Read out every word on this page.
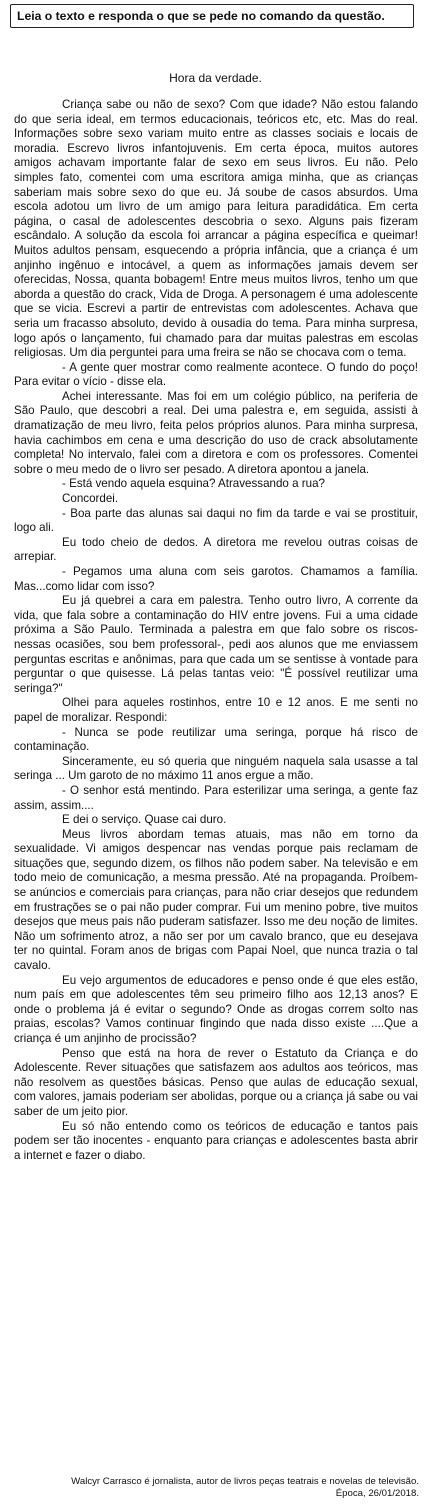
Leia o texto e responda o que se pede no comando da questão.
Hora da verdade.

Criança sabe ou não de sexo? Com que idade? Não estou falando do que seria ideal, em termos educacionais, teóricos etc, etc. Mas do real. Informações sobre sexo variam muito entre as classes sociais e locais de moradia. Escrevo livros infantojuvenis. Em certa época, muitos autores amigos achavam importante falar de sexo em seus livros. Eu não. Pelo simples fato, comentei com uma escritora amiga minha, que as crianças saberiam mais sobre sexo do que eu. Já soube de casos absurdos. Uma escola adotou um livro de um amigo para leitura paradidática. Em certa página, o casal de adolescentes descobria o sexo. Alguns pais fizeram escândalo. A solução da escola foi arrancar a página específica e queimar! Muitos adultos pensam, esquecendo a própria infância, que a criança é um anjinho ingênuo e intocável, a quem as informações jamais devem ser oferecidas, Nossa, quanta bobagem! Entre meus muitos livros, tenho um que aborda a questão do crack, Vida de Droga. A personagem é uma adolescente que se vicia. Escrevi a partir de entrevistas com adolescentes. Achava que seria um fracasso absoluto, devido à ousadia do tema. Para minha surpresa, logo após o lançamento, fui chamado para dar muitas palestras em escolas religiosas. Um dia perguntei para uma freira se não se chocava com o tema.

- A gente quer mostrar como realmente acontece. O fundo do poço! Para evitar o vício - disse ela.

Achei interessante. Mas foi em um colégio público, na periferia de São Paulo, que descobri a real. Dei uma palestra e, em seguida, assisti à dramatização de meu livro, feita pelos próprios alunos. Para minha surpresa, havia cachimbos em cena e uma descrição do uso de crack absolutamente completa! No intervalo, falei com a diretora e com os professores. Comentei sobre o meu medo de o livro ser pesado. A diretora apontou a janela.

- Está vendo aquela esquina? Atravessando a rua?

Concordei.

- Boa parte das alunas sai daqui no fim da tarde e vai se prostituir, logo ali.

Eu todo cheio de dedos. A diretora me revelou outras coisas de arrepiar.

- Pegamos uma aluna com seis garotos. Chamamos a família. Mas...como lidar com isso?

Eu já quebrei a cara em palestra. Tenho outro livro, A corrente da vida, que fala sobre a contaminação do HIV entre jovens. Fui a uma cidade próxima a São Paulo. Terminada a palestra em que falo sobre os riscos-nessas ocasiões, sou bem professoral-, pedi aos alunos que me enviassem perguntas escritas e anônimas, para que cada um se sentisse à vontade para perguntar o que quisesse. Lá pelas tantas veio: "É possível reutilizar uma seringa?"

Olhei para aqueles rostinhos, entre 10 e 12 anos. E me senti no papel de moralizar. Respondi:

- Nunca se pode reutilizar uma seringa, porque há risco de contaminação.

Sinceramente, eu só queria que ninguém naquela sala usasse a tal seringa ... Um garoto de no máximo 11 anos ergue a mão.

- O senhor está mentindo. Para esterilizar uma seringa, a gente faz assim, assim....

E dei o serviço. Quase cai duro.

Meus livros abordam temas atuais, mas não em torno da sexualidade. Vi amigos despencar nas vendas porque pais reclamam de situações que, segundo dizem, os filhos não podem saber. Na televisão e em todo meio de comunicação, a mesma pressão. Até na propaganda. Proíbem-se anúncios e comerciais para crianças, para não criar desejos que redundem em frustrações se o pai não puder comprar. Fui um menino pobre, tive muitos desejos que meus pais não puderam satisfazer. Isso me deu noção de limites. Não um sofrimento atroz, a não ser por um cavalo branco, que eu desejava ter no quintal. Foram anos de brigas com Papai Noel, que nunca trazia o tal cavalo.

Eu vejo argumentos de educadores e penso onde é que eles estão, num país em que adolescentes têm seu primeiro filho aos 12,13 anos? E onde o problema já é evitar o segundo? Onde as drogas correm solto nas praias, escolas? Vamos continuar fingindo que nada disso existe ....Que a criança é um anjinho de procissão?

Penso que está na hora de rever o Estatuto da Criança e do Adolescente. Rever situações que satisfazem aos adultos aos teóricos, mas não resolvem as questões básicas. Penso que aulas de educação sexual, com valores, jamais poderiam ser abolidas, porque ou a criança já sabe ou vai saber de um jeito pior.

Eu só não entendo como os teóricos de educação e tantos pais podem ser tão inocentes - enquanto para crianças e adolescentes basta abrir a internet e fazer o diabo.

Walcyr Carrasco é jornalista, autor de livros peças teatrais e novelas de televisão. Época, 26/01/2018.
